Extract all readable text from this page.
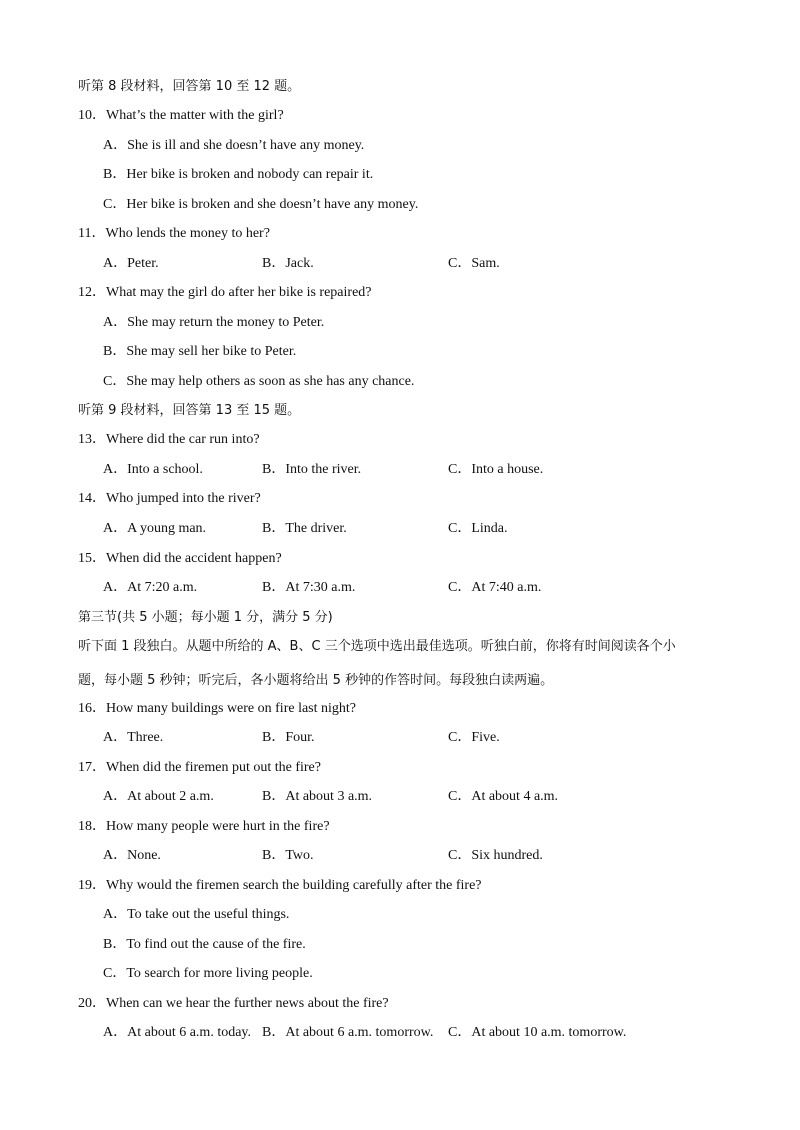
听第 8 段材料，回答第 10 至 12 题。
10．What’s the matter with the girl?
A．She is ill and she doesn’t have any money.
B．Her bike is broken and nobody can repair it.
C．Her bike is broken and she doesn’t have any money.
11．Who lends the money to her?
A．Peter.	B．Jack.	C．Sam.
12．What may the girl do after her bike is repaired?
A．She may return the money to Peter.
B．She may sell her bike to Peter.
C．She may help others as soon as she has any chance.
听第 9 段材料，回答第 13 至 15 题。
13．Where did the car run into?
A．Into a school.	B．Into the river.	C．Into a house.
14．Who jumped into the river?
A．A young man.	B．The driver.	C．Linda.
15．When did the accident happen?
A．At 7:20 a.m.	B．At 7:30 a.m.	C．At 7:40 a.m.
第三节(共 5 小题；每小题 1 分，满分 5 分)
听下面 1 段独白。从题中所给的 A、B、C 三个选项中选出最佳选项。听独白前，你将有时间阅读各个小
题，每小题 5 秒钟；听完后，各小题将给出 5 秒钟的作答时间。每段独白读两遍。
16．How many buildings were on fire last night?
A．Three.	B．Four.	C．Five.
17．When did the firemen put out the fire?
A．At about 2 a.m.	B．At about 3 a.m.	C．At about 4 a.m.
18．How many people were hurt in the fire?
A．None.	B．Two.	C．Six hundred.
19．Why would the firemen search the building carefully after the fire?
A．To take out the useful things.
B．To find out the cause of the fire.
C．To search for more living people.
20．When can we hear the further news about the fire?
A．At about 6 a.m. today. B．At about 6 a.m. tomorrow. C．At about 10 a.m. tomorrow.
